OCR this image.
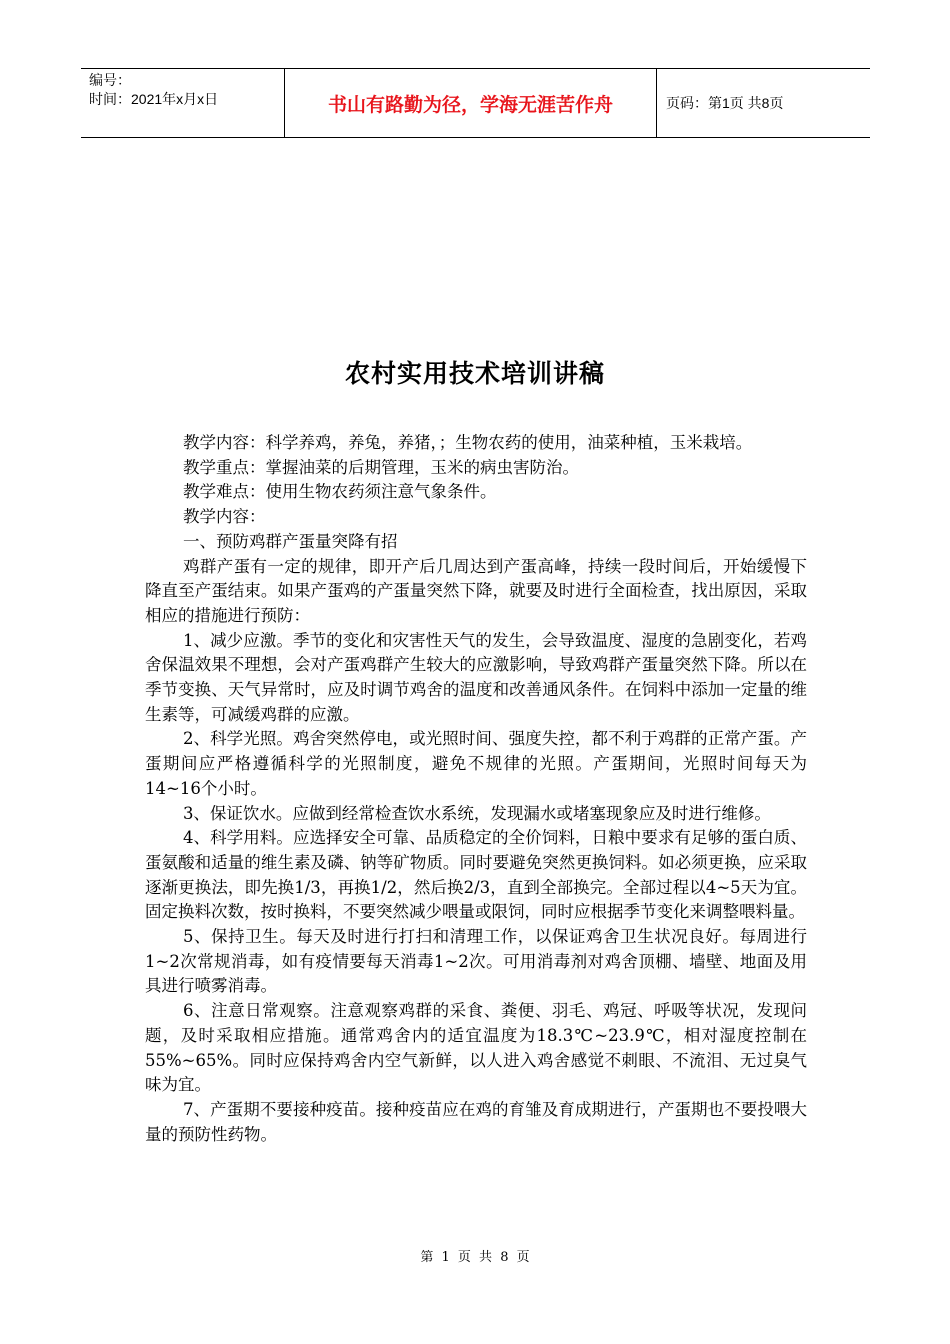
编号：
时间：2021年x月x日	书山有路勤为径，学海无涯苦作舟	页码：第1页 共8页
农村实用技术培训讲稿

教学内容：科学养鸡，养兔，养猪，；生物农药的使用，油菜种植，玉米栽培。

教学重点：掌握油菜的后期管理，玉米的病虫害防治。

教学难点：使用生物农药须注意气象条件。

教学内容：

一、预防鸡群产蛋量突降有招

鸡群产蛋有一定的规律，即开产后几周达到产蛋高峰，持续一段时间后，开始缓慢下降直至产蛋结束。如果产蛋鸡的产蛋量突然下降，就要及时进行全面检查，找出原因，采取相应的措施进行预防：

1、减少应激。季节的变化和灾害性天气的发生，会导致温度、湿度的急剧变化，若鸡舍保温效果不理想，会对产蛋鸡群产生较大的应激影响，导致鸡群产蛋量突然下降。所以在季节变换、天气异常时，应及时调节鸡舍的温度和改善通风条件。在饲料中添加一定量的维生素等，可减缓鸡群的应激。

2、科学光照。鸡舍突然停电，或光照时间、强度失控，都不利于鸡群的正常产蛋。产蛋期间应严格遵循科学的光照制度，避免不规律的光照。产蛋期间，光照时间每天为14~16个小时。

3、保证饮水。应做到经常检查饮水系统，发现漏水或堵塞现象应及时进行维修。

4、科学用料。应选择安全可靠、品质稳定的全价饲料，日粮中要求有足够的蛋白质、蛋氨酸和适量的维生素及磷、钠等矿物质。同时要避免突然更换饲料。如必须更换，应采取逐渐更换法，即先换1/3，再换1/2，然后换2/3，直到全部换完。全部过程以4~5天为宜。固定换料次数，按时换料，不要突然减少喂量或限饲，同时应根据季节变化来调整喂料量。

5、保持卫生。每天及时进行打扫和清理工作，以保证鸡舍卫生状况良好。每周进行1~2次常规消毒，如有疫情要每天消毒1~2次。可用消毒剂对鸡舍顶棚、墙壁、地面及用具进行喷雾消毒。

6、注意日常观察。注意观察鸡群的采食、粪便、羽毛、鸡冠、呼吸等状况，发现问题，及时采取相应措施。通常鸡舍内的适宜温度为18.3℃~23.9℃，相对湿度控制在55%~65%。同时应保持鸡舍内空气新鲜，以人进入鸡舍感觉不刺眼、不流泪、无过臭气味为宜。

7、产蛋期不要接种疫苗。接种疫苗应在鸡的育雏及育成期进行，产蛋期也不要投喂大量的预防性药物。

第 1 页 共 8 页
